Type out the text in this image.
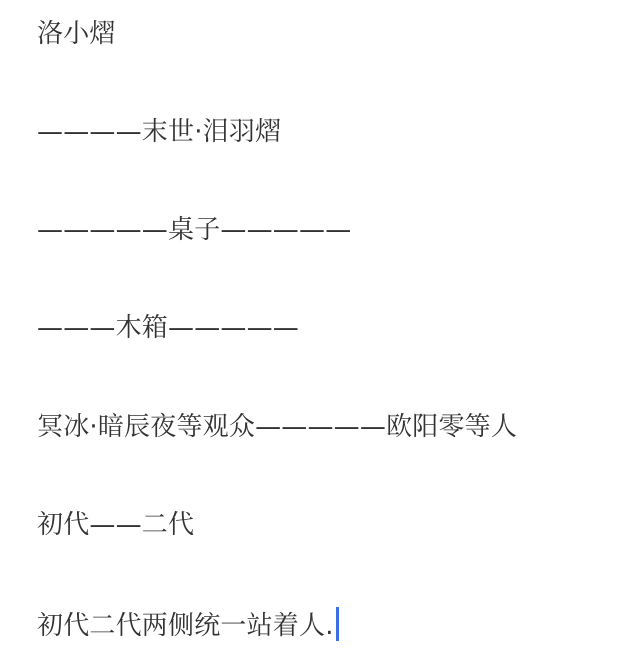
洛小熠
————末世·泪羽熠
—————桌子—————
———木箱—————
冥冰·暗辰夜等观众—————欧阳零等人
初代——二代
初代二代两侧统一站着人.
